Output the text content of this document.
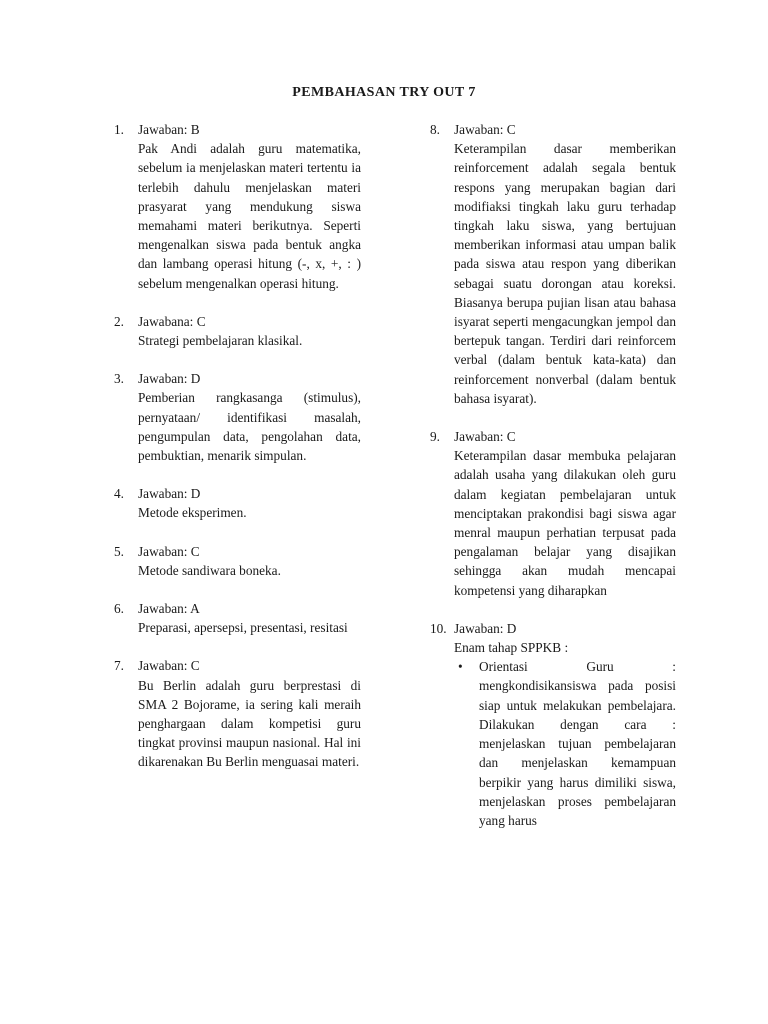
PEMBAHASAN TRY OUT 7
1. Jawaban: B
Pak Andi adalah guru matematika, sebelum ia menjelaskan materi tertentu ia terlebih dahulu menjelaskan materi prasyarat yang mendukung siswa memahami materi berikutnya. Seperti mengenalkan siswa pada bentuk angka dan lambang operasi hitung (-, x, +, : ) sebelum mengenalkan operasi hitung.
2. Jawabana: C
Strategi pembelajaran klasikal.
3. Jawaban: D
Pemberian rangkasanga (stimulus), pernyataan/ identifikasi masalah, pengumpulan data, pengolahan data, pembuktian, menarik simpulan.
4. Jawaban: D
Metode eksperimen.
5. Jawaban: C
Metode sandiwara boneka.
6. Jawaban: A
Preparasi, apersepsi, presentasi, resitasi
7. Jawaban: C
Bu Berlin adalah guru berprestasi di SMA 2 Bojorame, ia sering kali meraih penghargaan dalam kompetisi guru tingkat provinsi maupun nasional. Hal ini dikarenakan Bu Berlin menguasai materi.
8. Jawaban: C
Keterampilan dasar memberikan reinforcement adalah segala bentuk respons yang merupakan bagian dari modifiaksi tingkah laku guru terhadap tingkah laku siswa, yang bertujuan memberikan informasi atau umpan balik pada siswa atau respon yang diberikan sebagai suatu dorongan atau koreksi. Biasanya berupa pujian lisan atau bahasa isyarat seperti mengacungkan jempol dan bertepuk tangan. Terdiri dari reinforcem verbal (dalam bentuk kata-kata) dan reinforcement nonverbal (dalam bentuk bahasa isyarat).
9. Jawaban: C
Keterampilan dasar membuka pelajaran adalah usaha yang dilakukan oleh guru dalam kegiatan pembelajaran untuk menciptakan prakondisi bagi siswa agar menral maupun perhatian terpusat pada pengalaman belajar yang disajikan sehingga akan mudah mencapai kompetensi yang diharapkan
10. Jawaban: D
Enam tahap SPPKB :
• Orientasi Guru : mengkondisikansiswa pada posisi siap untuk melakukan pembelajara. Dilakukan dengan cara : menjelaskan tujuan pembelajaran dan menjelaskan kemampuan berpikir yang harus dimiliki siswa, menjelaskan proses pembelajaran yang harus
